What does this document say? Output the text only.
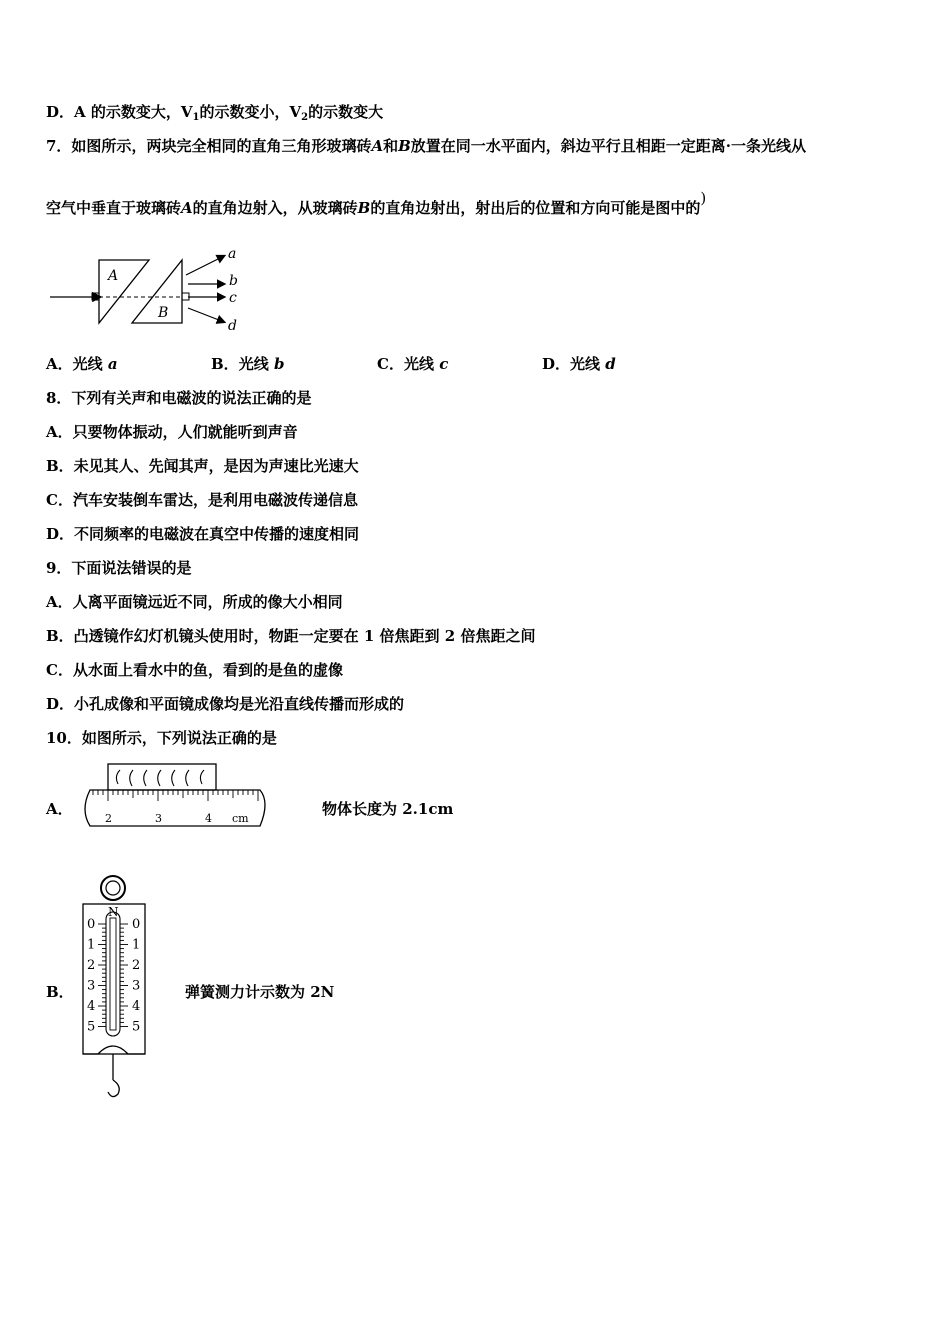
D．A 的示数变大，$V_1$的示数变小，$V_2$的示数变大
7．如图所示，两块完全相同的直角三角形玻璃砖A和B放置在同一水平面内，斜边平行且相距一定距离·一条光线从
空气中垂直于玻璃砖A的直角边射入，从玻璃砖B的直角边射出，射出后的位置和方向可能是图中的)
A
B
a
b
c
d
A．光线 a	B．光线 b	C．光线 c	D．光线 d
8．下列有关声和电磁波的说法正确的是
A．只要物体振动，人们就能听到声音
B．未见其人、先闻其声，是因为声速比光速大
C．汽车安装倒车雷达，是利用电磁波传递信息
D．不同频率的电磁波在真空中传播的速度相同
9．下面说法错误的是
A．人离平面镜远近不同，所成的像大小相同
B．凸透镜作幻灯机镜头使用时，物距一定要在 1 倍焦距到 2 倍焦距之间
C．从水面上看水中的鱼，看到的是鱼的虚像
D．小孔成像和平面镜成像均是光沿直线传播而形成的
10．如图所示，下列说法正确的是
A．
2	3	4 cm
物体长度为 2.1cm
B．
N
0	0
1	1
2	2
3	3
4	4
5	5
弹簧测力计示数为 2N
